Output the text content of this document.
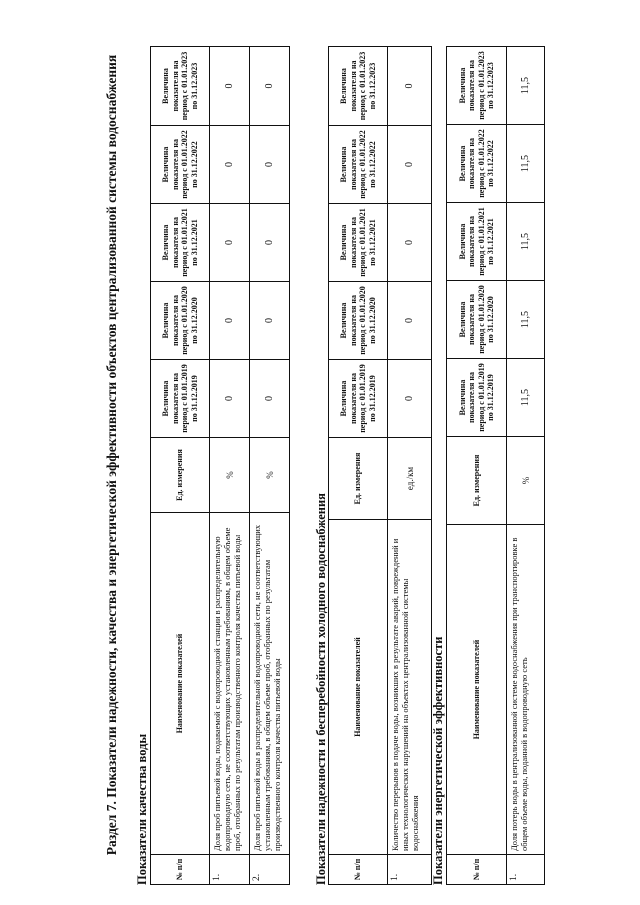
Раздел 7. Показатели надежности, качества и энергетической эффективности объектов централизованной системы водоснабжения Показатели качества воды	№ п/п	Наименование показателей	Ед. измерения	Величина показателя на период с 01.01.2019 по 31.12.2019	Величина показателя на период с 01.01.2020 по 31.12.2020	Величина показателя на период с 01.01.2021 по 31.12.2021	Величина показателя на период с 01.01.2022 по 31.12.2022	Величина показателя на период с 01.01.2023 по 31.12.2023
1.	Доля проб питьевой воды, подаваемой с водопроводной станции в распределительную водопроводную сеть, не соответствующих установленным требованиям, в общем объеме проб, отобранных по результатам производственного контроля качества питьевой воды	%	0	0	0	0	0
2.	Доля проб питьевой воды в распределительной водопроводной сети, не соответствующих установленным требованиям, в общем объеме проб, отобранных по результатам производственного контроля качества питьевой воды	%	0	0	0	0	0
Показатели надежности и бесперебойности холодного водоснабжения	№ п/п	Наименование показателей	Ед. измерения	Величина показателя на период с 01.01.2019 по 31.12.2019	Величина показателя на период с 01.01.2020 по 31.12.2020	Величина показателя на период с 01.01.2021 по 31.12.2021	Величина показателя на период с 01.01.2022 по 31.12.2022	Величина показателя на период с 01.01.2023 по 31.12.2023
1.	Количество перерывов в подаче воды, возникших в результате аварий, повреждений и иных технологических нарушений на объектах централизованной системы водоснабжения	ед./км	0	0	0	0	0
Показатели энергетической эффективности	№ п/п	Наименование показателей	Ед. измерения	Величина показателя на период с 01.01.2019 по 31.12.2019	Величина показателя на период с 01.01.2020 по 31.12.2020	Величина показателя на период с 01.01.2021 по 31.12.2021	Величина показателя на период с 01.01.2022 по 31.12.2022	Величина показателя на период с 01.01.2023 по 31.12.2023
1.	Доля потерь воды в централизованной системе водоснабжения при транспортировке в общем объеме воды, поданной в водопроводную сеть	%	11,5	11,5	11,5	11,5	11,5
